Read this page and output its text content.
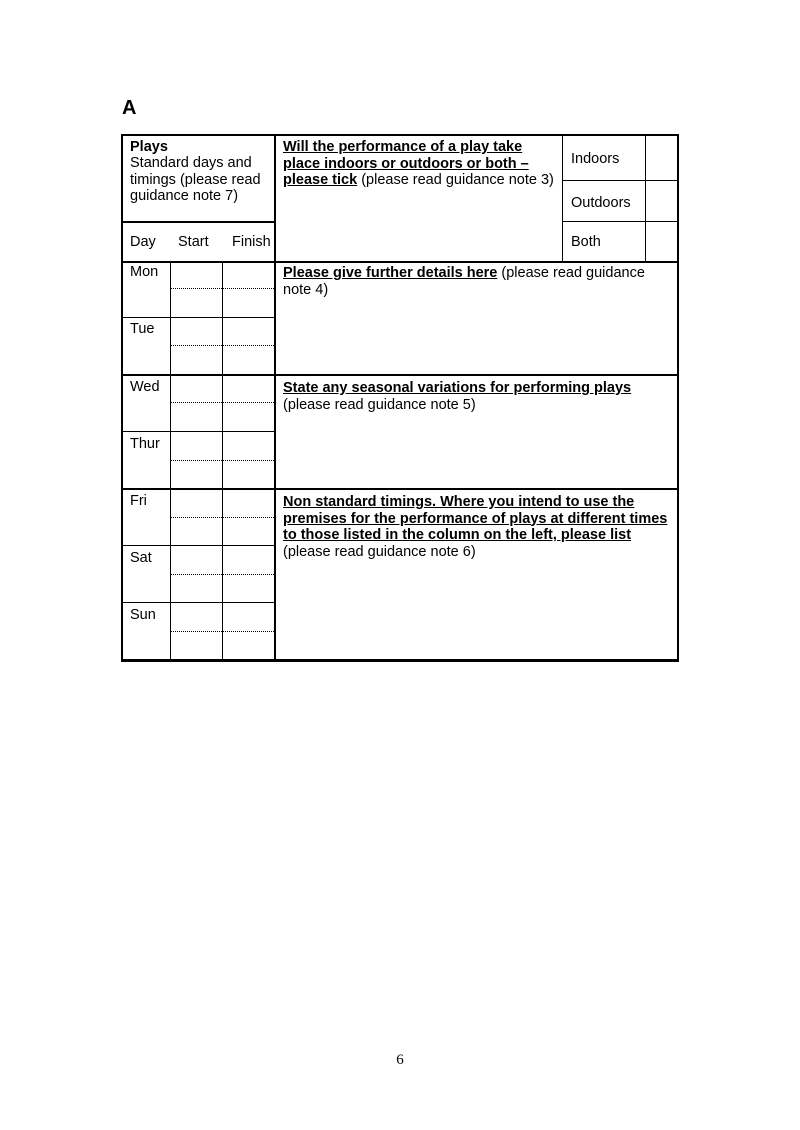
A
Plays
Standard days and timings (please read guidance note 7)
Day Start Finish
Mon
Tue
Wed
Thur
Fri
Sat
Sun
Will the performance of a play take place indoors or outdoors or both – please tick (please read guidance note 3)
Indoors
Outdoors
Both
Please give further details here (please read guidance note 4)
State any seasonal variations for performing plays
(please read guidance note 5)
Non standard timings. Where you intend to use the premises for the performance of plays at different times to those listed in the column on the left, please list
(please read guidance note 6)
6
